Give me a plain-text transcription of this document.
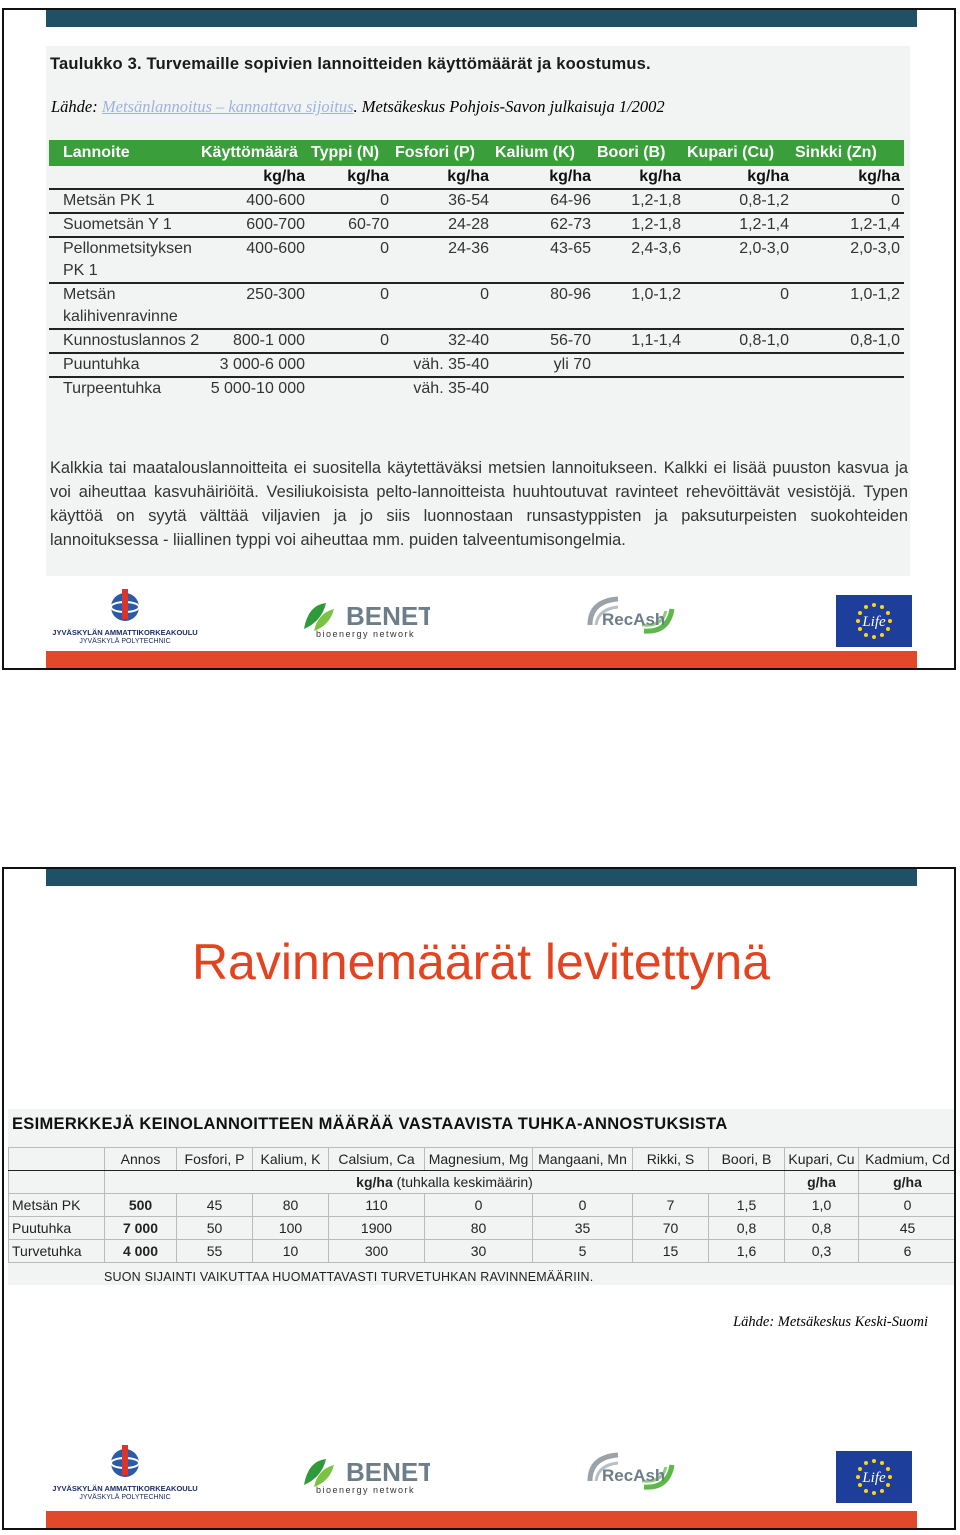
Taulukko 3. Turvemaille sopivien lannoitteiden käyttömäärät ja koostumus.
Lähde: Metsänlannoitus – kannattava sijoitus. Metsäkeskus Pohjois-Savon julkaisuja 1/2002
Lannoite	Käyttömäärä	Typpi (N)	Fosfori (P)	Kalium (K)	Boori (B)	Kupari (Cu)	Sinkki (Zn)
	kg/ha	kg/ha	kg/ha	kg/ha	kg/ha	kg/ha	kg/ha
Metsän PK 1	400-600	0	36-54	64-96	1,2-1,8	0,8-1,2	0
Suometsän Y 1	600-700	60-70	24-28	62-73	1,2-1,8	1,2-1,4	1,2-1,4
Pellonmetsityksen PK 1	400-600	0	24-36	43-65	2,4-3,6	2,0-3,0	2,0-3,0
Metsän kalihivenravinne	250-300	0	0	80-96	1,0-1,2	0	1,0-1,2
Kunnostuslannos 2	800-1 000	0	32-40	56-70	1,1-1,4	0,8-1,0	0,8-1,0
Puuntuhka	3 000-6 000		väh. 35-40	yli 70			
Turpeentuhka	5 000-10 000		väh. 35-40				
Kalkkia tai maatalouslannoitteita ei suositella käytettäväksi metsien lannoitukseen. Kalkki ei lisää puuston kasvua ja voi aiheuttaa kasvuhäiriöitä. Vesiliukoisista pelto-lannoitteista huuhtoutuvat ravinteet rehevöittävät vesistöjä. Typen käyttöä on syytä välttää viljavien ja jo siis luonnostaan runsastyppisten ja paksuturpeisten suokohteiden lannoituksessa - liiallinen typpi voi aiheuttaa mm. puiden talveentumisongelmia.
JYVÄSKYLÄN AMMATTIKORKEAKOULU
JYVÄSKYLÄ POLYTECHNIC
BENET
bioenergy network
RecAsh	Life
Ravinnemäärät levitettynä
ESIMERKKEJÄ KEINOLANNOITTEEN MÄÄRÄÄ VASTAAVISTA TUHKA-ANNOSTUKSISTA
	Annos	Fosfori, P	Kalium, K	Calsium, Ca	Magnesium, Mg	Mangaani, Mn	Rikki, S	Boori, B	Kupari, Cu	Kadmium, Cd
	kg/ha (tuhkalla keskimäärin)								g/ha	g/ha
Metsän PK	500	45	80	110	0	0	7	1,5	1,0	0
Puutuhka	7 000	50	100	1900	80	35	70	0,8	0,8	45
Turvetuhka	4 000	55	10	300	30	5	15	1,6	0,3	6
SUON SIJAINTI VAIKUTTAA HUOMATTAVASTI TURVETUHKAN RAVINNEMÄÄRIIN.
Lähde: Metsäkeskus Keski-Suomi
JYVÄSKYLÄN AMMATTIKORKEAKOULU
JYVÄSKYLÄ POLYTECHNIC
BENET
bioenergy network
RecAsh	Life
